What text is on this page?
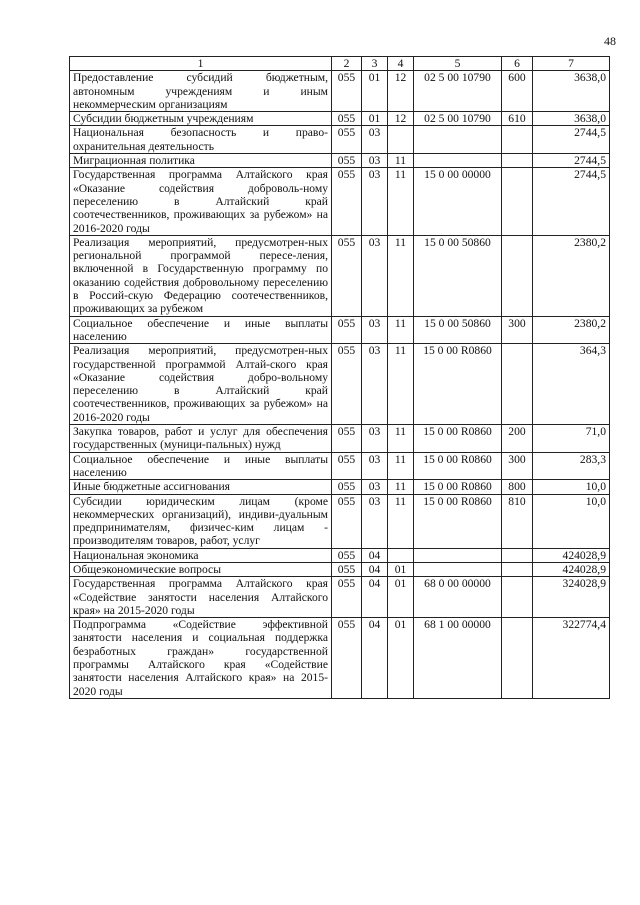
48
1	2	3	4	5	6	7
Предоставление субсидий бюджетным, автономным учреждениям и иным некоммерческим организациям	055	01	12	02 5 00 10790	600	3638,0
Субсидии бюджетным учреждениям	055	01	12	02 5 00 10790	610	3638,0
Национальная безопасность и право-охранительная деятельность	055	03				2744,5
Миграционная политика	055	03	11			2744,5
Государственная программа Алтайского края «Оказание содействия доброволь-ному переселению в Алтайский край соотечественников, проживающих за рубежом» на 2016-2020 годы	055	03	11	15 0 00 00000		2744,5
Реализация мероприятий, предусмотрен-ных региональной программой пересе-ления, включенной в Государственную программу по оказанию содействия добровольному переселению в Россий-скую Федерацию соотечественников, проживающих за рубежом	055	03	11	15 0 00 50860		2380,2
Социальное обеспечение и иные выплаты населению	055	03	11	15 0 00 50860	300	2380,2
Реализация мероприятий, предусмотрен-ных государственной программой Алтай-ского края «Оказание содействия добро-вольному переселению в Алтайский край соотечественников, проживающих за рубежом» на 2016-2020 годы	055	03	11	15 0 00 R0860		364,3
Закупка товаров, работ и услуг для обеспечения государственных (муници-пальных) нужд	055	03	11	15 0 00 R0860	200	71,0
Социальное обеспечение и иные выплаты населению	055	03	11	15 0 00 R0860	300	283,3
Иные бюджетные ассигнования	055	03	11	15 0 00 R0860	800	10,0
Субсидии юридическим лицам (кроме некоммерческих организаций), индиви-дуальным предпринимателям, физичес-ким лицам - производителям товаров, работ, услуг	055	03	11	15 0 00 R0860	810	10,0
Национальная экономика	055	04				424028,9
Общеэкономические вопросы	055	04	01			424028,9
Государственная программа Алтайского края «Содействие занятости населения Алтайского края» на 2015-2020 годы	055	04	01	68 0 00 00000		324028,9
Подпрограмма «Содействие эффективной занятости населения и социальная поддержка безработных граждан» государственной программы Алтайского края «Содействие занятости населения Алтайского края» на 2015-2020 годы	055	04	01	68 1 00 00000		322774,4
